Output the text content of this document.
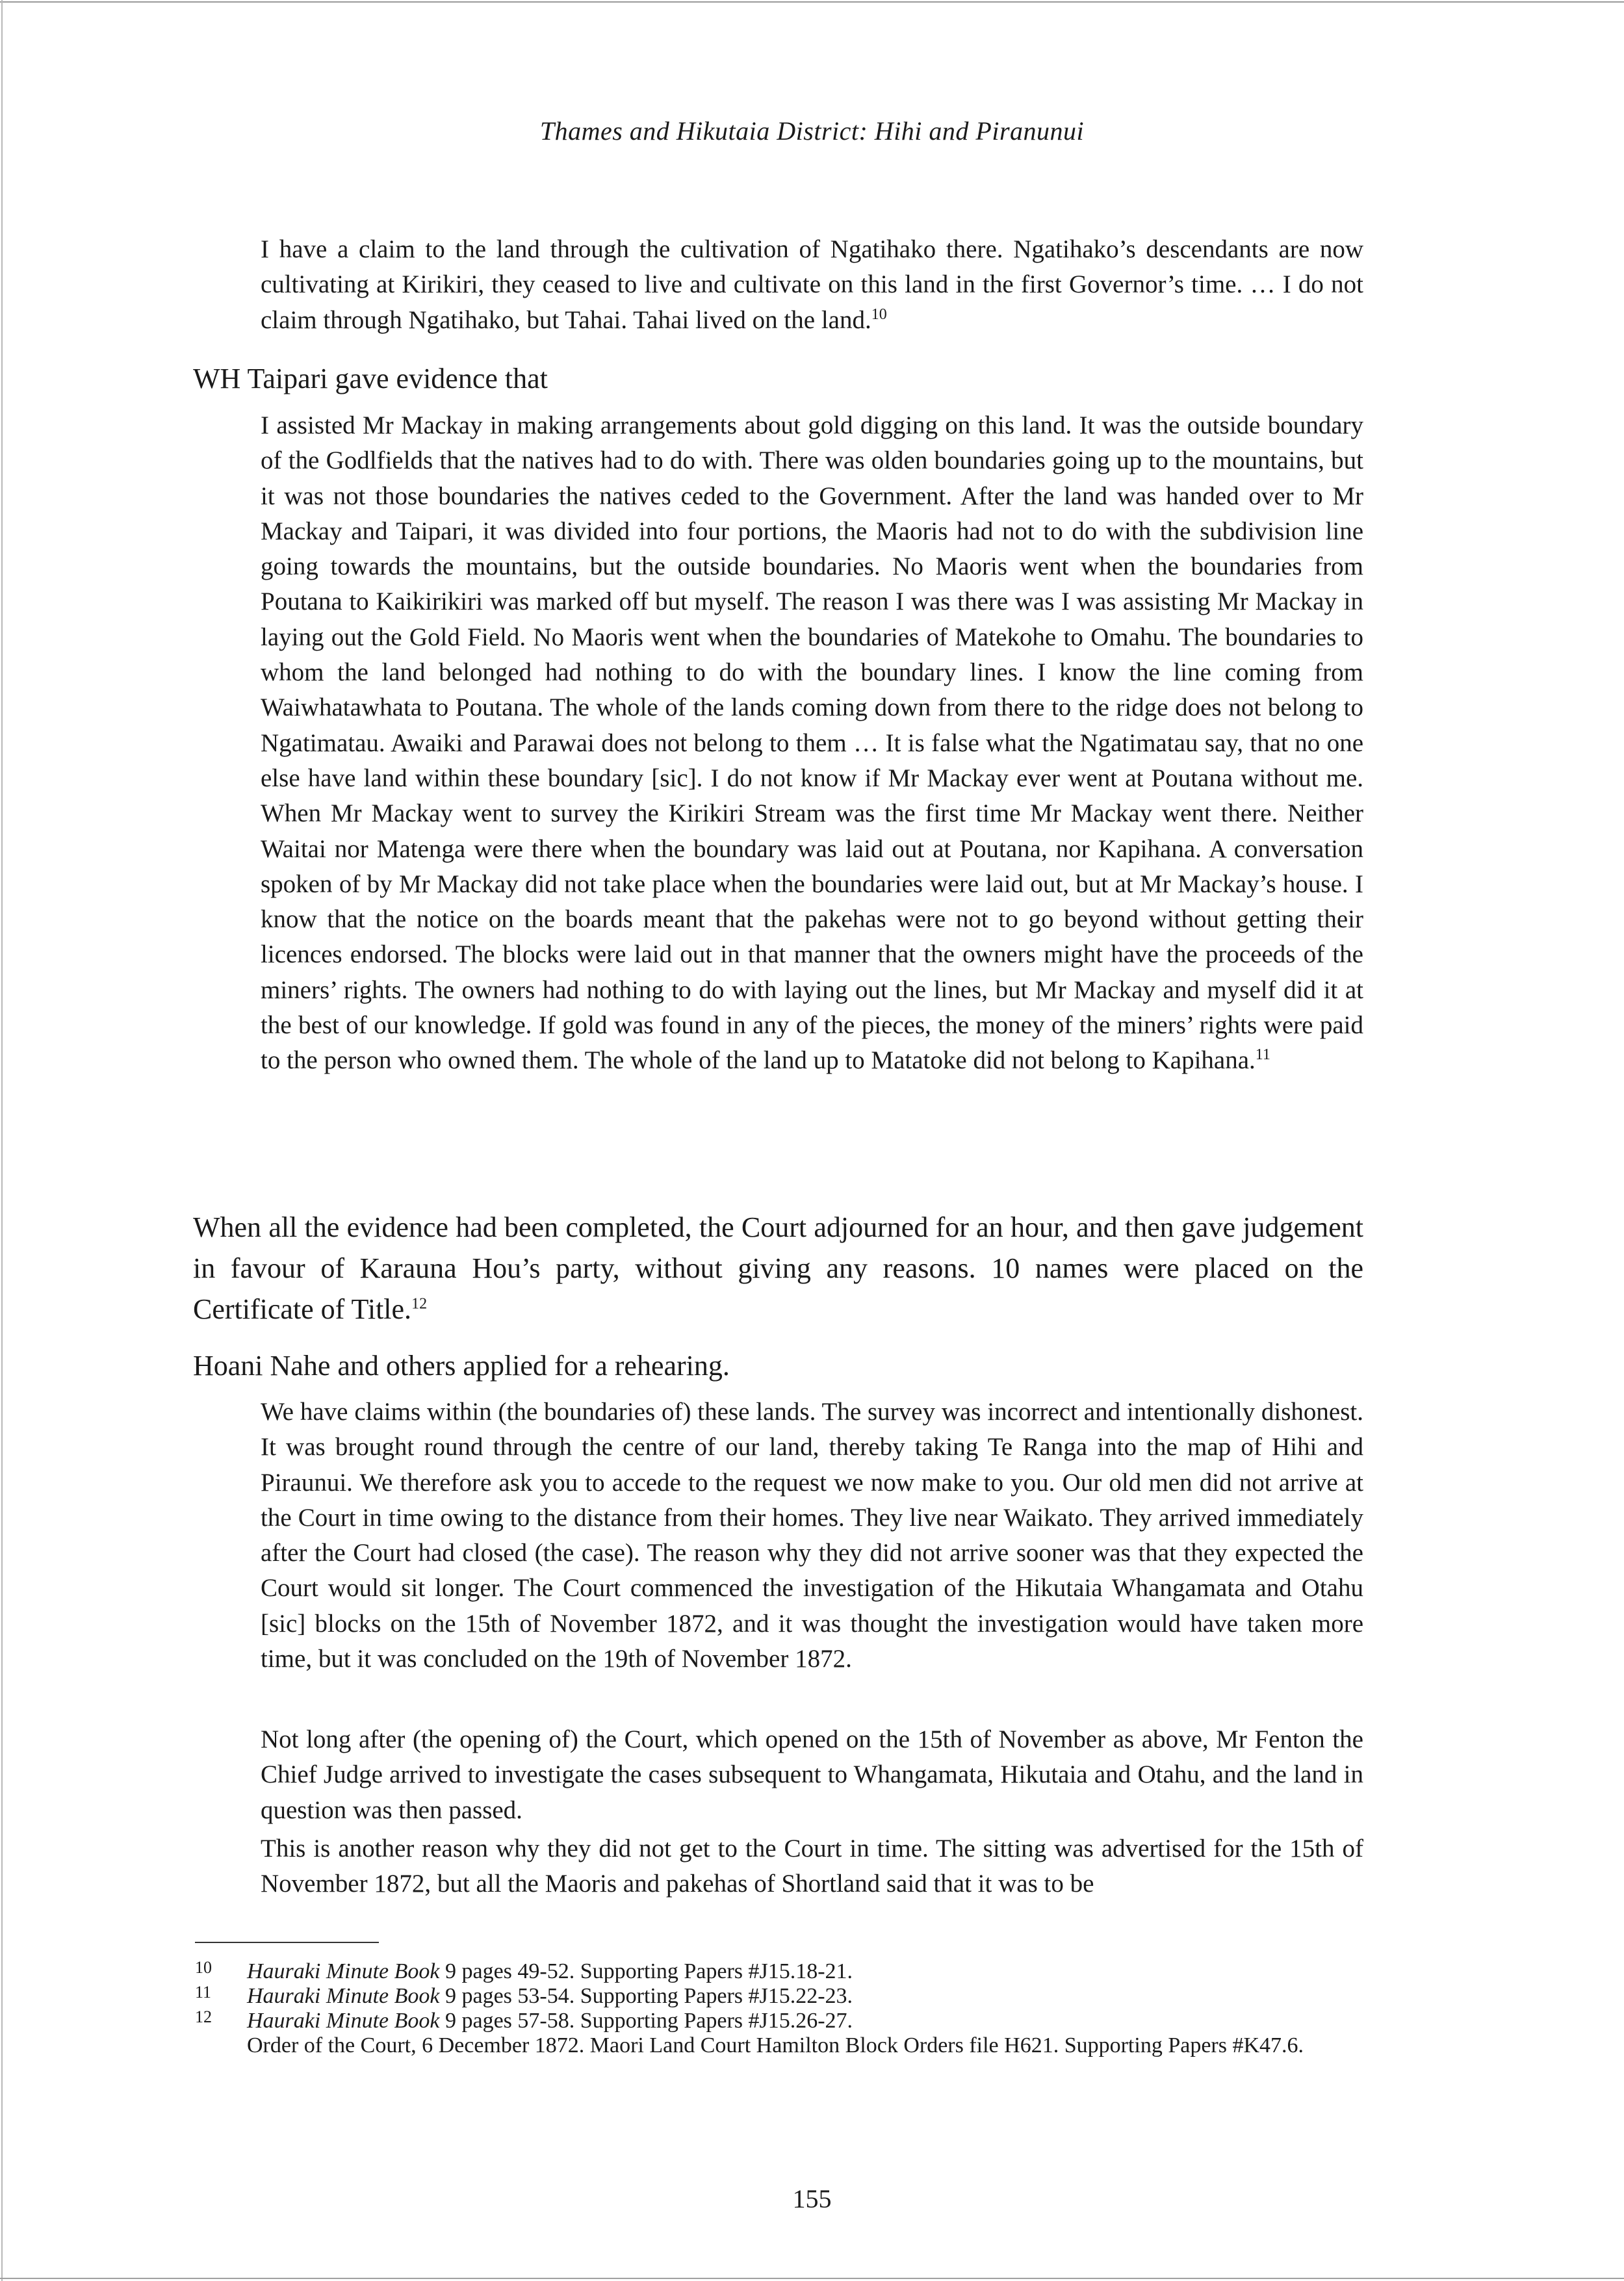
Thames and Hikutaia District: Hihi and Piranunui
I have a claim to the land through the cultivation of Ngatihako there. Ngatihako’s descendants are now cultivating at Kirikiri, they ceased to live and cultivate on this land in the first Governor’s time. … I do not claim through Ngatihako, but Tahai. Tahai lived on the land.$^{10}$
WH Taipari gave evidence that
I assisted Mr Mackay in making arrangements about gold digging on this land. It was the outside boundary of the Godlfields that the natives had to do with. There was olden boundaries going up to the mountains, but it was not those boundaries the natives ceded to the Government. After the land was handed over to Mr Mackay and Taipari, it was divided into four portions, the Maoris had not to do with the subdivision line going towards the mountains, but the outside boundaries. No Maoris went when the boundaries from Poutana to Kaikirikiri was marked off but myself. The reason I was there was I was assisting Mr Mackay in laying out the Gold Field. No Maoris went when the boundaries of Matekohe to Omahu. The boundaries to whom the land belonged had nothing to do with the boundary lines. I know the line coming from Waiwhatawhata to Poutana. The whole of the lands coming down from there to the ridge does not belong to Ngatimatau. Awaiki and Parawai does not belong to them … It is false what the Ngatimatau say, that no one else have land within these boundary [sic]. I do not know if Mr Mackay ever went at Poutana without me. When Mr Mackay went to survey the Kirikiri Stream was the first time Mr Mackay went there. Neither Waitai nor Matenga were there when the boundary was laid out at Poutana, nor Kapihana. A conversation spoken of by Mr Mackay did not take place when the boundaries were laid out, but at Mr Mackay’s house. I know that the notice on the boards meant that the pakehas were not to go beyond without getting their licences endorsed. The blocks were laid out in that manner that the owners might have the proceeds of the miners’ rights. The owners had nothing to do with laying out the lines, but Mr Mackay and myself did it at the best of our knowledge. If gold was found in any of the pieces, the money of the miners’ rights were paid to the person who owned them. The whole of the land up to Matatoke did not belong to Kapihana.$^{11}$
When all the evidence had been completed, the Court adjourned for an hour, and then gave judgement in favour of Karauna Hou’s party, without giving any reasons. 10 names were placed on the Certificate of Title.$^{12}$
Hoani Nahe and others applied for a rehearing.
We have claims within (the boundaries of) these lands. The survey was incorrect and intentionally dishonest. It was brought round through the centre of our land, thereby taking Te Ranga into the map of Hihi and Piraunui. We therefore ask you to accede to the request we now make to you. Our old men did not arrive at the Court in time owing to the distance from their homes. They live near Waikato. They arrived immediately after the Court had closed (the case). The reason why they did not arrive sooner was that they expected the Court would sit longer. The Court commenced the investigation of the Hikutaia Whangamata and Otahu [sic] blocks on the 15th of November 1872, and it was thought the investigation would have taken more time, but it was concluded on the 19th of November 1872.
Not long after (the opening of) the Court, which opened on the 15th of November as above, Mr Fenton the Chief Judge arrived to investigate the cases subsequent to Whangamata, Hikutaia and Otahu, and the land in question was then passed.
This is another reason why they did not get to the Court in time. The sitting was advertised for the 15th of November 1872, but all the Maoris and pakehas of Shortland said that it was to be
10 Hauraki Minute Book 9 pages 49-52. Supporting Papers #J15.18-21.
11 Hauraki Minute Book 9 pages 53-54. Supporting Papers #J15.22-23.
12 Hauraki Minute Book 9 pages 57-58. Supporting Papers #J15.26-27.
Order of the Court, 6 December 1872. Maori Land Court Hamilton Block Orders file H621. Supporting Papers #K47.6.
155
